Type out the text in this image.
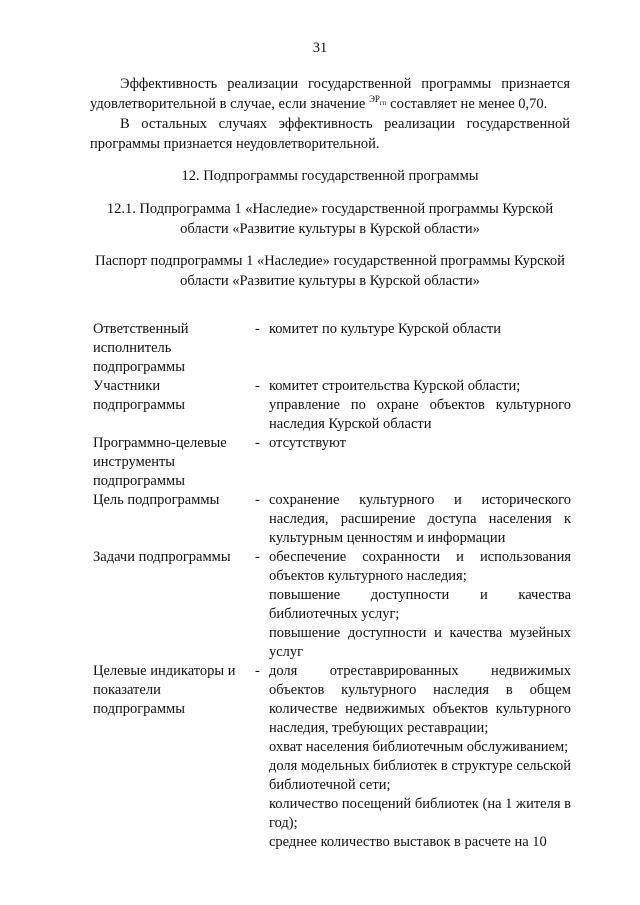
31

Эффективность реализации государственной программы признается удовлетворительной в случае, если значение $^{ЭР_{гп}}$ составляет не менее 0,70.

В остальных случаях эффективность реализации государственной программы признается неудовлетворительной.

12. Подпрограммы государственной программы

12.1. Подпрограмма 1 «Наследие» государственной программы Курской области «Развитие культуры в Курской области»

Паспорт подпрограммы 1 «Наследие» государственной программы Курской области «Развитие культуры в Курской области»

Ответственный исполнитель подпрограммы
- комитет по культуре Курской области
Участники подпрограммы
- комитет строительства Курской области;
управление по охране объектов культурного наследия Курской области
Программно-целевые инструменты подпрограммы
- отсутствуют
Цель подпрограммы	- сохранение культурного и исторического наследия, расширение доступа населения к культурным ценностям и информации
Задачи подпрограммы	- обеспечение сохранности и использования объектов культурного наследия;
повышение доступности и качества библиотечных услуг;
повышение доступности и качества музейных услуг
Целевые индикаторы и показатели подпрограммы
- доля отреставрированных недвижимых объектов культурного наследия в общем количестве недвижимых объектов культурного наследия, требующих реставрации;
охват населения библиотечным обслуживанием;
доля модельных библиотек в структуре сельской библиотечной сети;
количество посещений библиотек (на 1 жителя в год);
среднее количество выставок в расчете на 10
